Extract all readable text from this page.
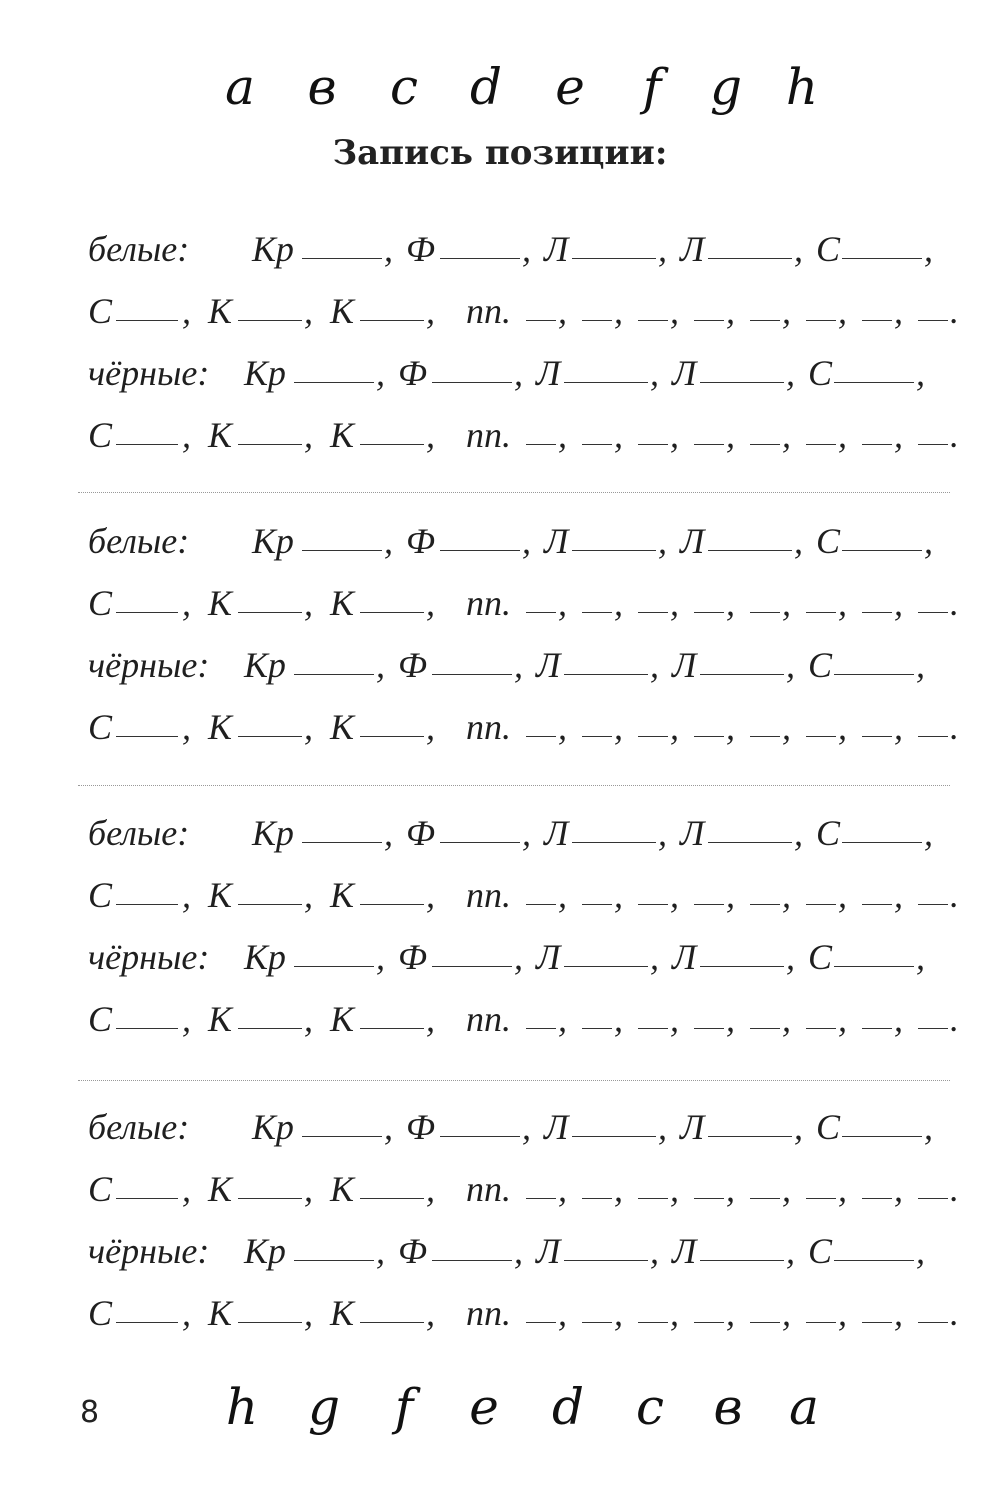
a в c d e f g h
Запись позиции:
белые: Кр	, Ф , Л , Л , С ,
С , К , К , пп. , , , , , , , .
чёрные: Кр	, Ф , Л , Л , С ,
С , К , К , пп. , , , , , , , .
белые: Кр	, Ф , Л , Л , С ,
С , К , К , пп. , , , , , , , .
чёрные: Кр	, Ф , Л , Л , С ,
С , К , К , пп. , , , , , , , .
белые: Кр	, Ф , Л , Л , С ,
С , К , К , пп. , , , , , , , .
чёрные: Кр	, Ф , Л , Л , С ,
С , К , К , пп. , , , , , , , .
белые: Кр	, Ф , Л , Л , С ,
С , К , К , пп. , , , , , , , .
чёрные: Кр	, Ф , Л , Л , С ,
С , К , К , пп. , , , , , , , .
8	h g f e d c в a
